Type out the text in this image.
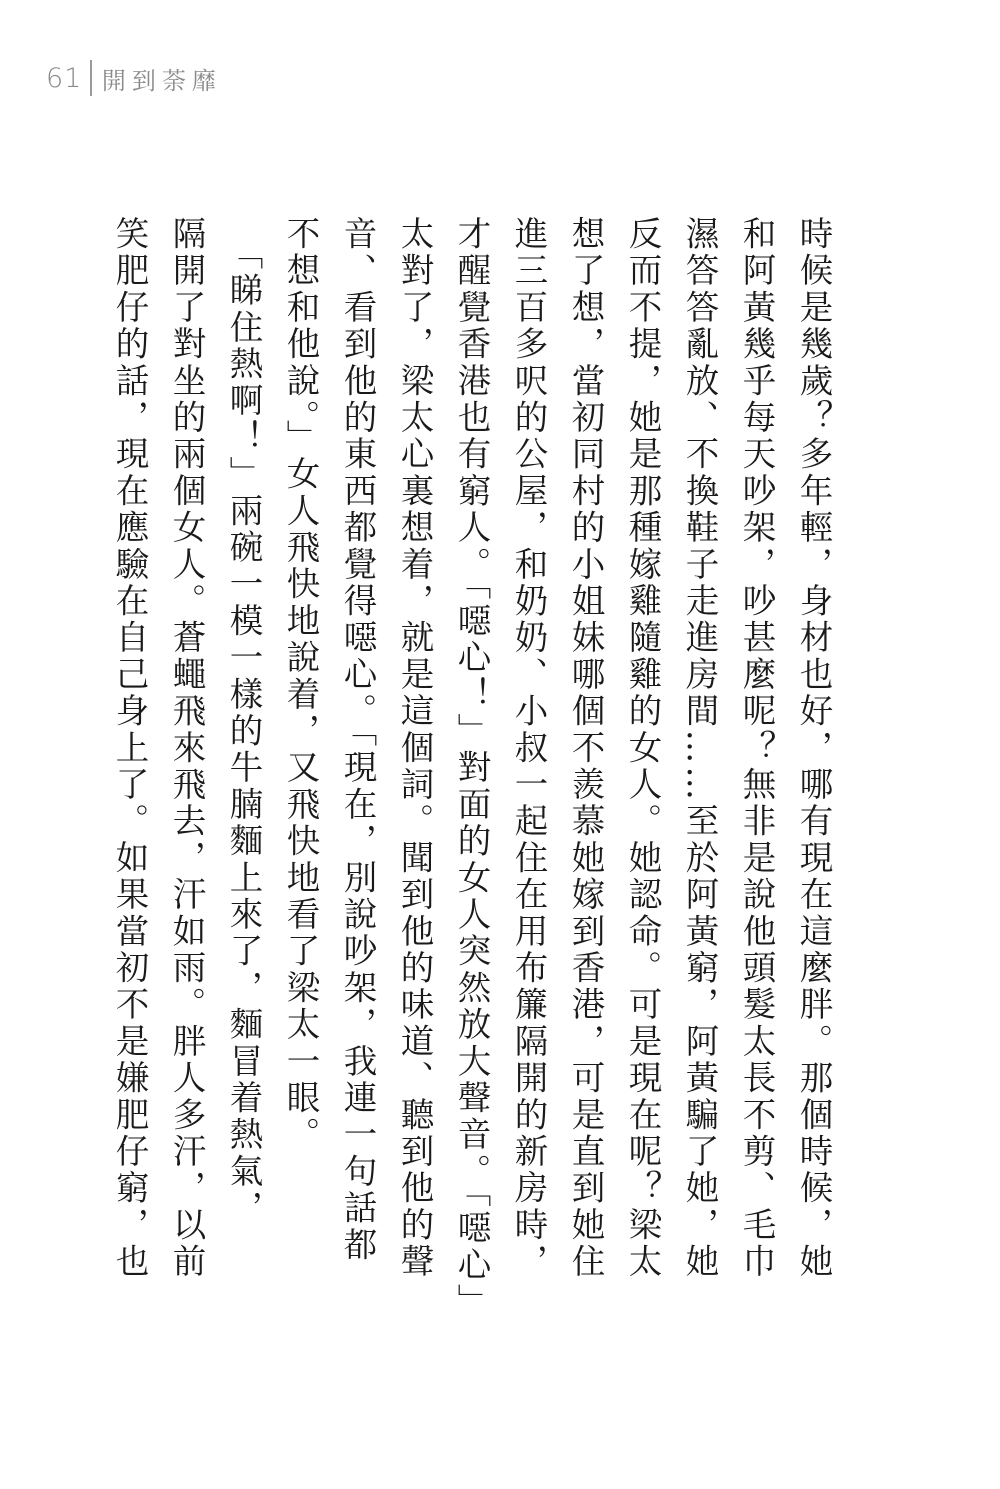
61 開到荼靡
時候是幾歲？多年輕，身材也好，哪有現在這麼胖。那個時候，她
和阿黃幾乎每天吵架，吵甚麼呢？無非是說他頭髮太長不剪、毛巾
濕答答亂放、不換鞋子走進房間……至於阿黃窮，阿黃騙了她，她
反而不提，她是那種嫁雞隨雞的女人。她認命。可是現在呢？梁太
想了想，當初同村的小姐妹哪個不羨慕她嫁到香港，可是直到她住
進三百多呎的公屋，和奶奶、小叔一起住在用布簾隔開的新房時，
才醒覺香港也有窮人。「噁心！」對面的女人突然放大聲音。「噁心」
太對了，梁太心裏想着，就是這個詞。聞到他的味道、聽到他的聲
音、看到他的東西都覺得噁心。「現在，別說吵架，我連一句話都
不想和他說。」女人飛快地說着，又飛快地看了梁太一眼。
　「睇住熱啊！」兩碗一模一樣的牛腩麵上來了，麵冒着熱氣，
隔開了對坐的兩個女人。蒼蠅飛來飛去，汗如雨。胖人多汗，以前
笑肥仔的話，現在應驗在自己身上了。如果當初不是嫌肥仔窮，也
